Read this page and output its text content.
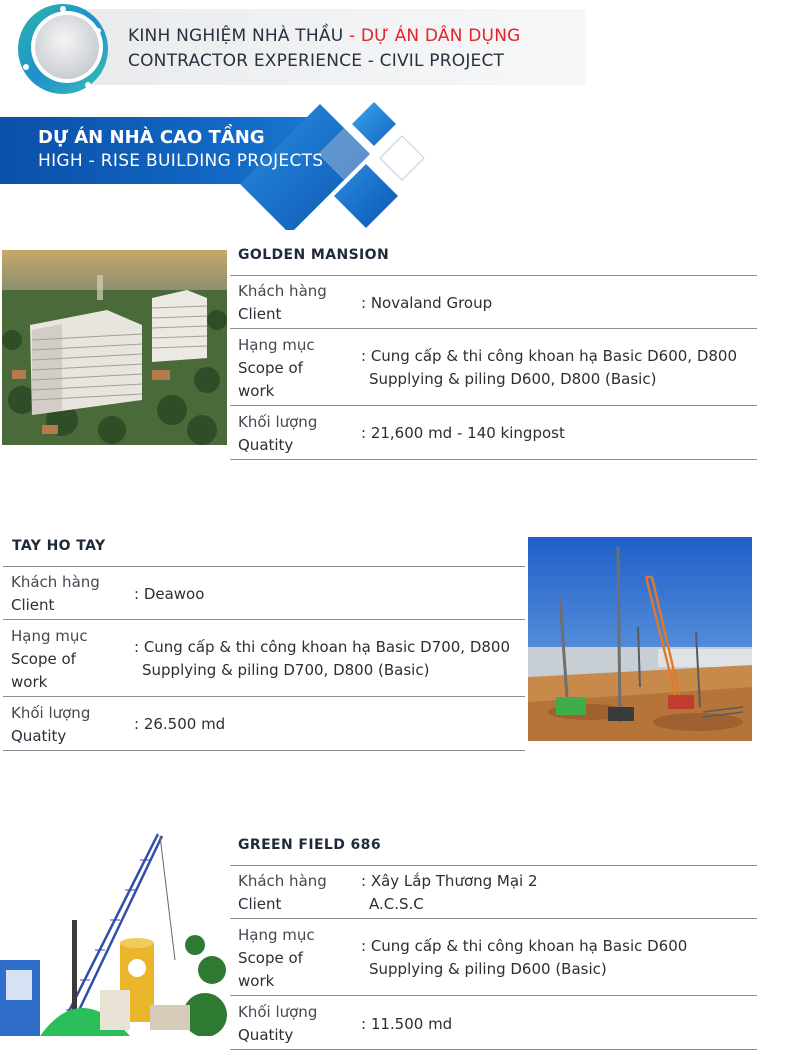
KINH NGHIỆM NHÀ THẦU - DỰ ÁN DÂN DỤNG
CONTRACTOR EXPERIENCE - CIVIL PROJECT
DỰ ÁN NHÀ CAO TẦNG
HIGH - RISE BUILDING PROJECTS
GOLDEN MANSION
Khách hàng
Client
: Novaland Group
Hạng mục
Scope of
work
: Cung cấp & thi công khoan hạ Basic D600, D800
Supplying & piling D600, D800 (Basic)
Khối lượng
Quatity
: 21,600 md - 140 kingpost
TAY HO TAY
Khách hàng
Client
: Deawoo
Hạng mục
Scope of
work
: Cung cấp & thi công khoan hạ Basic D700, D800
Supplying & piling D700, D800 (Basic)
Khối lượng
Quatity
: 26.500 md
GREEN FIELD 686
Khách hàng
Client
: Xây Lắp Thương Mại 2
A.C.S.C
Hạng mục
Scope of
work
: Cung cấp & thi công khoan hạ Basic D600
Supplying & piling D600 (Basic)
Khối lượng
Quatity
: 11.500 md
